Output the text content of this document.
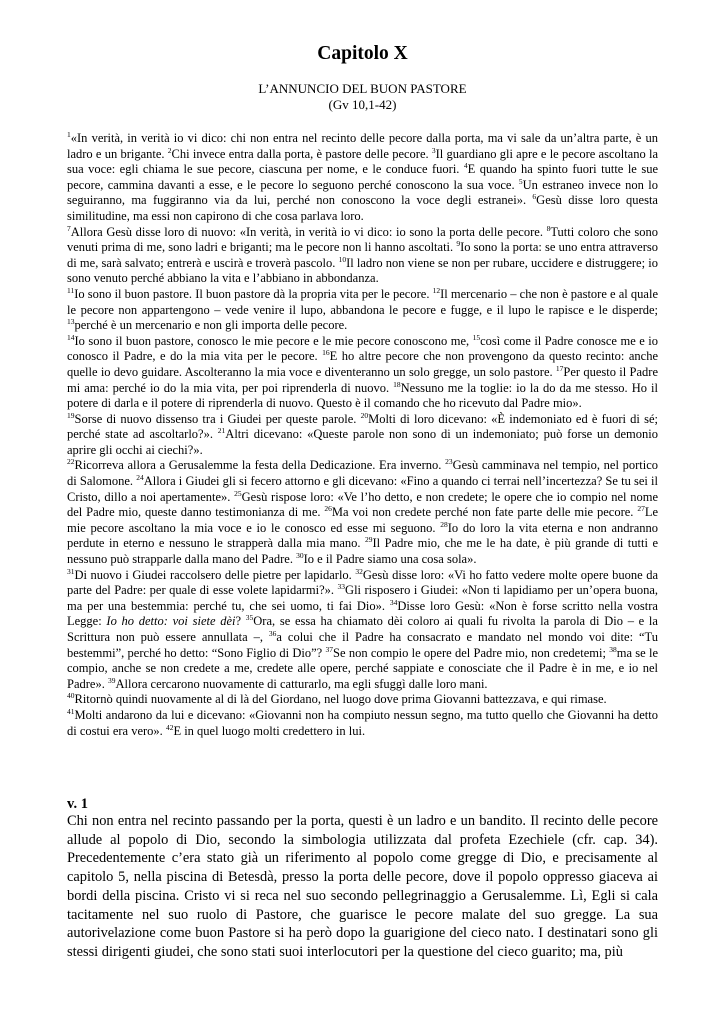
Capitolo X
L’ANNUNCIO DEL BUON PASTORE
(Gv 10,1-42)

$^1$«In verità, in verità io vi dico: chi non entra nel recinto delle pecore dalla porta, ma vi sale da un’altra parte, è un ladro e un brigante. $^2$Chi invece entra dalla porta, è pastore delle pecore. $^3$Il guardiano gli apre e le pecore ascoltano la sua voce: egli chiama le sue pecore, ciascuna per nome, e le conduce fuori. $^4$E quando ha spinto fuori tutte le sue pecore, cammina davanti a esse, e le pecore lo seguono perché conoscono la sua voce. $^5$Un estraneo invece non lo seguiranno, ma fuggiranno via da lui, perché non conoscono la voce degli estranei». $^6$Gesù disse loro questa similitudine, ma essi non capirono di che cosa parlava loro.

$^7$Allora Gesù disse loro di nuovo: «In verità, in verità io vi dico: io sono la porta delle pecore. $^8$Tutti coloro che sono venuti prima di me, sono ladri e briganti; ma le pecore non li hanno ascoltati. $^9$Io sono la porta: se uno entra attraverso di me, sarà salvato; entrerà e uscirà e troverà pascolo. $^{10}$Il ladro non viene se non per rubare, uccidere e distruggere; io sono venuto perché abbiano la vita e l’abbiano in abbondanza.

$^{11}$Io sono il buon pastore. Il buon pastore dà la propria vita per le pecore. $^{12}$Il mercenario – che non è pastore e al quale le pecore non appartengono – vede venire il lupo, abbandona le pecore e fugge, e il lupo le rapisce e le disperde; $^{13}$perché è un mercenario e non gli importa delle pecore.

$^{14}$Io sono il buon pastore, conosco le mie pecore e le mie pecore conoscono me, $^{15}$così come il Padre conosce me e io conosco il Padre, e do la mia vita per le pecore. $^{16}$E ho altre pecore che non provengono da questo recinto: anche quelle io devo guidare. Ascolteranno la mia voce e diventeranno un solo gregge, un solo pastore. $^{17}$Per questo il Padre mi ama: perché io do la mia vita, per poi riprenderla di nuovo. $^{18}$Nessuno me la toglie: io la do da me stesso. Ho il potere di darla e il potere di riprenderla di nuovo. Questo è il comando che ho ricevuto dal Padre mio».

$^{19}$Sorse di nuovo dissenso tra i Giudei per queste parole. $^{20}$Molti di loro dicevano: «È indemoniato ed è fuori di sé; perché state ad ascoltarlo?». $^{21}$Altri dicevano: «Queste parole non sono di un indemoniato; può forse un demonio aprire gli occhi ai ciechi?».

$^{22}$Ricorreva allora a Gerusalemme la festa della Dedicazione. Era inverno. $^{23}$Gesù camminava nel tempio, nel portico di Salomone. $^{24}$Allora i Giudei gli si fecero attorno e gli dicevano: «Fino a quando ci terrai nell’incertezza? Se tu sei il Cristo, dillo a noi apertamente». $^{25}$Gesù rispose loro: «Ve l’ho detto, e non credete; le opere che io compio nel nome del Padre mio, queste danno testimonianza di me. $^{26}$Ma voi non credete perché non fate parte delle mie pecore. $^{27}$Le mie pecore ascoltano la mia voce e io le conosco ed esse mi seguono. $^{28}$Io do loro la vita eterna e non andranno perdute in eterno e nessuno le strapperà dalla mia mano. $^{29}$Il Padre mio, che me le ha date, è più grande di tutti e nessuno può strapparle dalla mano del Padre. $^{30}$Io e il Padre siamo una cosa sola».

$^{31}$Di nuovo i Giudei raccolsero delle pietre per lapidarlo. $^{32}$Gesù disse loro: «Vi ho fatto vedere molte opere buone da parte del Padre: per quale di esse volete lapidarmi?». $^{33}$Gli risposero i Giudei: «Non ti lapidiamo per un’opera buona, ma per una bestemmia: perché tu, che sei uomo, ti fai Dio». $^{34}$Disse loro Gesù: «Non è forse scritto nella vostra Legge: Io ho detto: voi siete dèi? $^{35}$Ora, se essa ha chiamato dèi coloro ai quali fu rivolta la parola di Dio – e la Scrittura non può essere annullata –, $^{36}$a colui che il Padre ha consacrato e mandato nel mondo voi dite: “Tu bestemmi”, perché ho detto: “Sono Figlio di Dio”? $^{37}$Se non compio le opere del Padre mio, non credetemi; $^{38}$ma se le compio, anche se non credete a me, credete alle opere, perché sappiate e conosciate che il Padre è in me, e io nel Padre». $^{39}$Allora cercarono nuovamente di catturarlo, ma egli sfuggì dalle loro mani.

$^{40}$Ritornò quindi nuovamente al di là del Giordano, nel luogo dove prima Giovanni battezzava, e qui rimase.

$^{41}$Molti andarono da lui e dicevano: «Giovanni non ha compiuto nessun segno, ma tutto quello che Giovanni ha detto di costui era vero». $^{42}$E in quel luogo molti credettero in lui.

v. 1

Chi non entra nel recinto passando per la porta, questi è un ladro e un bandito. Il recinto delle pecore allude al popolo di Dio, secondo la simbologia utilizzata dal profeta Ezechiele (cfr. cap. 34). Precedentemente c’era stato già un riferimento al popolo come gregge di Dio, e precisamente al capitolo 5, nella piscina di Betesdà, presso la porta delle pecore, dove il popolo oppresso giaceva ai bordi della piscina. Cristo vi si reca nel suo secondo pellegrinaggio a Gerusalemme. Lì, Egli si cala tacitamente nel suo ruolo di Pastore, che guarisce le pecore malate del suo gregge. La sua autorivelazione come buon Pastore si ha però dopo la guarigione del cieco nato. I destinatari sono gli stessi dirigenti giudei, che sono stati suoi interlocutori per la questione del cieco guarito; ma, più
